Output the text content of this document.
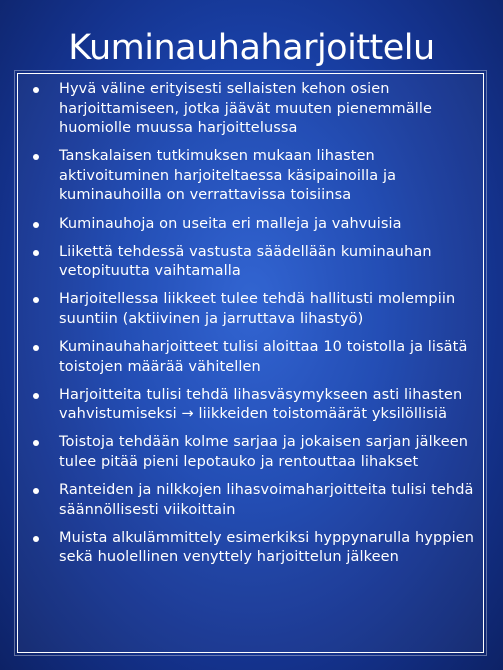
Kuminauhaharjoittelu
Hyvä väline erityisesti sellaisten kehon osien harjoittamiseen, jotka jäävät muuten pienemmälle huomiolle muussa harjoittelussa
Tanskalaisen tutkimuksen mukaan lihasten aktivoituminen harjoiteltaessa käsipainoilla ja kuminauhoilla on verrattavissa toisiinsa
Kuminauhoja on useita eri malleja ja vahvuisia
Liikettä tehdessä vastusta säädellään kuminauhan vetopituutta vaihtamalla
Harjoitellessa liikkeet tulee tehdä hallitusti molempiin suuntiin (aktiivinen ja jarruttava lihastyö)
Kuminauhaharjoitteet tulisi aloittaa 10 toistolla ja lisätä toistojen määrää vähitellen
Harjoitteita tulisi tehdä lihasväsymykseen asti lihasten vahvistumiseksi → liikkeiden toistomäärät yksilöllisiä
Toistoja tehdään kolme sarjaa ja jokaisen sarjan jälkeen tulee pitää pieni lepotauko ja rentouttaa lihakset
Ranteiden ja nilkkojen lihasvoimaharjoitteita tulisi tehdä säännöllisesti viikoittain
Muista alkulämmittely esimerkiksi hyppynarulla hyppien sekä huolellinen venyttely harjoittelun jälkeen
